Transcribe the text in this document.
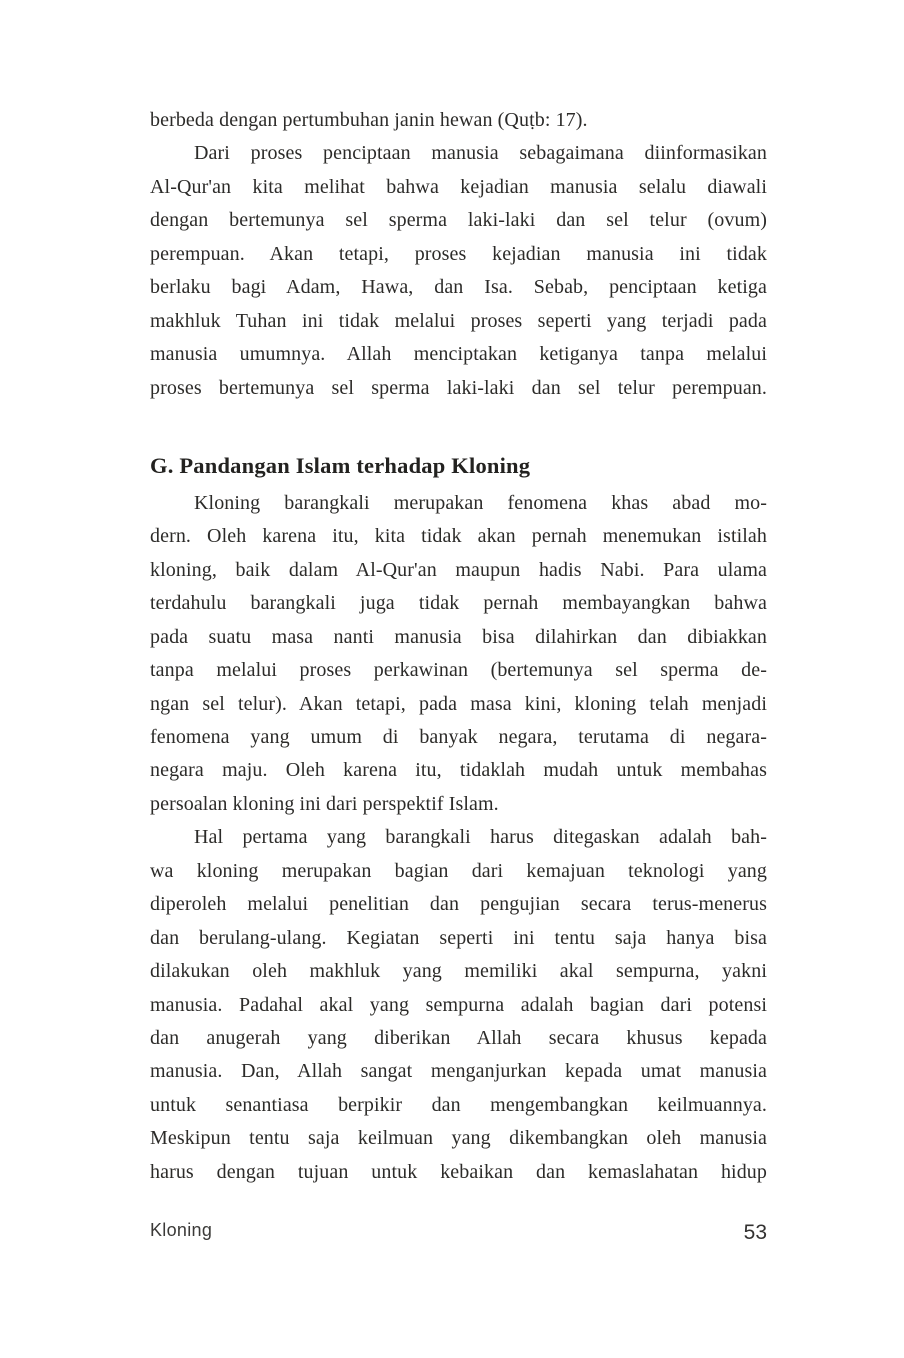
berbeda dengan pertumbuhan janin hewan (Quṭb: 17).
Dari proses penciptaan manusia sebagaimana diinformasikan
Al-Qur'an kita melihat bahwa kejadian manusia selalu diawali
dengan bertemunya sel sperma laki-laki dan sel telur (ovum)
perempuan. Akan tetapi, proses kejadian manusia ini tidak
berlaku bagi Adam, Hawa, dan Isa. Sebab, penciptaan ketiga
makhluk Tuhan ini tidak melalui proses seperti yang terjadi pada
manusia umumnya. Allah menciptakan ketiganya tanpa melalui
proses bertemunya sel sperma laki-laki dan sel telur perempuan.
G. Pandangan Islam terhadap Kloning
Kloning barangkali merupakan fenomena khas abad mo-
dern. Oleh karena itu, kita tidak akan pernah menemukan istilah
kloning, baik dalam Al-Qur'an maupun hadis Nabi. Para ulama
terdahulu barangkali juga tidak pernah membayangkan bahwa
pada suatu masa nanti manusia bisa dilahirkan dan dibiakkan
tanpa melalui proses perkawinan (bertemunya sel sperma de-
ngan sel telur). Akan tetapi, pada masa kini, kloning telah menjadi
fenomena yang umum di banyak negara, terutama di negara-
negara maju. Oleh karena itu, tidaklah mudah untuk membahas
persoalan kloning ini dari perspektif Islam.
Hal pertama yang barangkali harus ditegaskan adalah bah-
wa kloning merupakan bagian dari kemajuan teknologi yang
diperoleh melalui penelitian dan pengujian secara terus-menerus
dan berulang-ulang. Kegiatan seperti ini tentu saja hanya bisa
dilakukan oleh makhluk yang memiliki akal sempurna, yakni
manusia. Padahal akal yang sempurna adalah bagian dari potensi
dan anugerah yang diberikan Allah secara khusus kepada
manusia. Dan, Allah sangat menganjurkan kepada umat manusia
untuk senantiasa berpikir dan mengembangkan keilmuannya.
Meskipun tentu saja keilmuan yang dikembangkan oleh manusia
harus dengan tujuan untuk kebaikan dan kemaslahatan hidup
Kloning	53
